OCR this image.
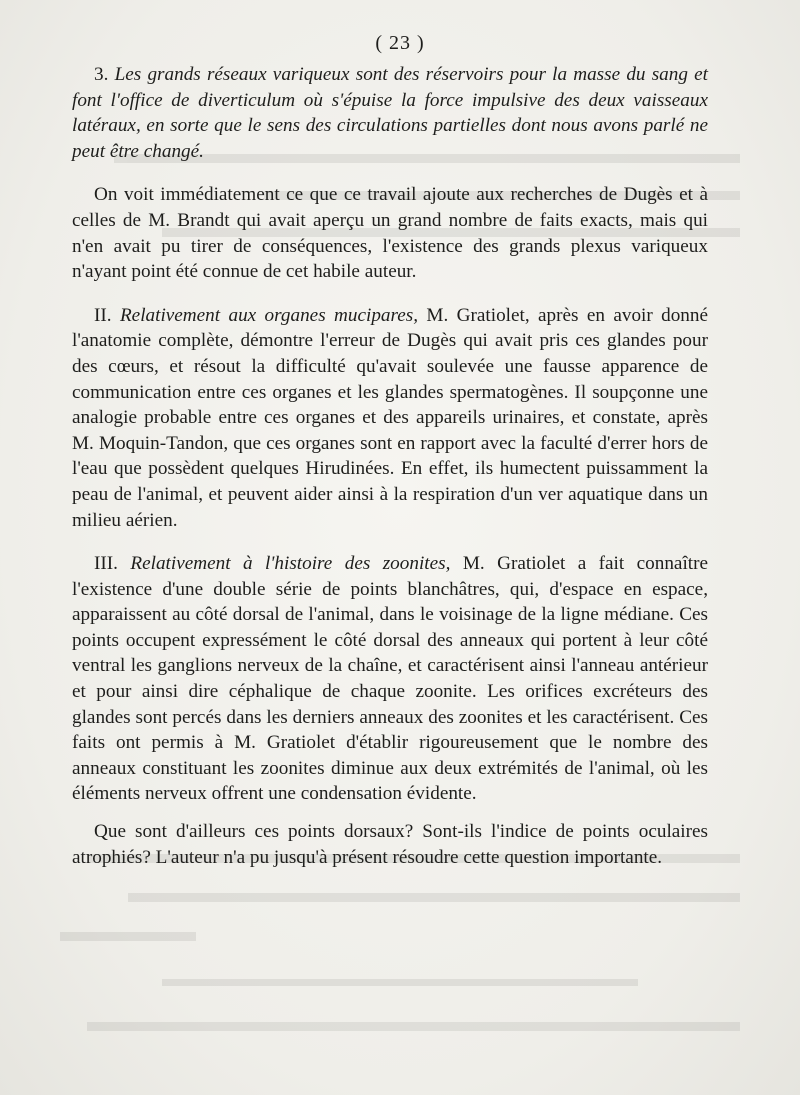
( 23 )

3. Les grands réseaux variqueux sont des réservoirs pour la masse du sang et font l'office de diverticulum où s'épuise la force impulsive des deux vaisseaux latéraux, en sorte que le sens des circulations partielles dont nous avons parlé ne peut être changé.

On voit immédiatement ce que ce travail ajoute aux recherches de Dugès et à celles de M. Brandt qui avait aperçu un grand nombre de faits exacts, mais qui n'en avait pu tirer de conséquences, l'existence des grands plexus variqueux n'ayant point été connue de cet habile auteur.

II. Relativement aux organes mucipares, M. Gratiolet, après en avoir donné l'anatomie complète, démontre l'erreur de Dugès qui avait pris ces glandes pour des cœurs, et résout la difficulté qu'avait soulevée une fausse apparence de communication entre ces organes et les glandes spermatogènes. Il soupçonne une analogie probable entre ces organes et des appareils urinaires, et constate, après M. Moquin-Tandon, que ces organes sont en rapport avec la faculté d'errer hors de l'eau que possèdent quelques Hirudinées. En effet, ils humectent puissamment la peau de l'animal, et peuvent aider ainsi à la respiration d'un ver aquatique dans un milieu aérien.

III. Relativement à l'histoire des zoonites, M. Gratiolet a fait connaître l'existence d'une double série de points blanchâtres, qui, d'espace en espace, apparaissent au côté dorsal de l'animal, dans le voisinage de la ligne médiane. Ces points occupent expressément le côté dorsal des anneaux qui portent à leur côté ventral les ganglions nerveux de la chaîne, et caractérisent ainsi l'anneau antérieur et pour ainsi dire céphalique de chaque zoonite. Les orifices excréteurs des glandes sont percés dans les derniers anneaux des zoonites et les caractérisent. Ces faits ont permis à M. Gratiolet d'établir rigoureusement que le nombre des anneaux constituant les zoonites diminue aux deux extrémités de l'animal, où les éléments nerveux offrent une condensation évidente.

Que sont d'ailleurs ces points dorsaux? Sont-ils l'indice de points oculaires atrophiés? L'auteur n'a pu jusqu'à présent résoudre cette question importante.
